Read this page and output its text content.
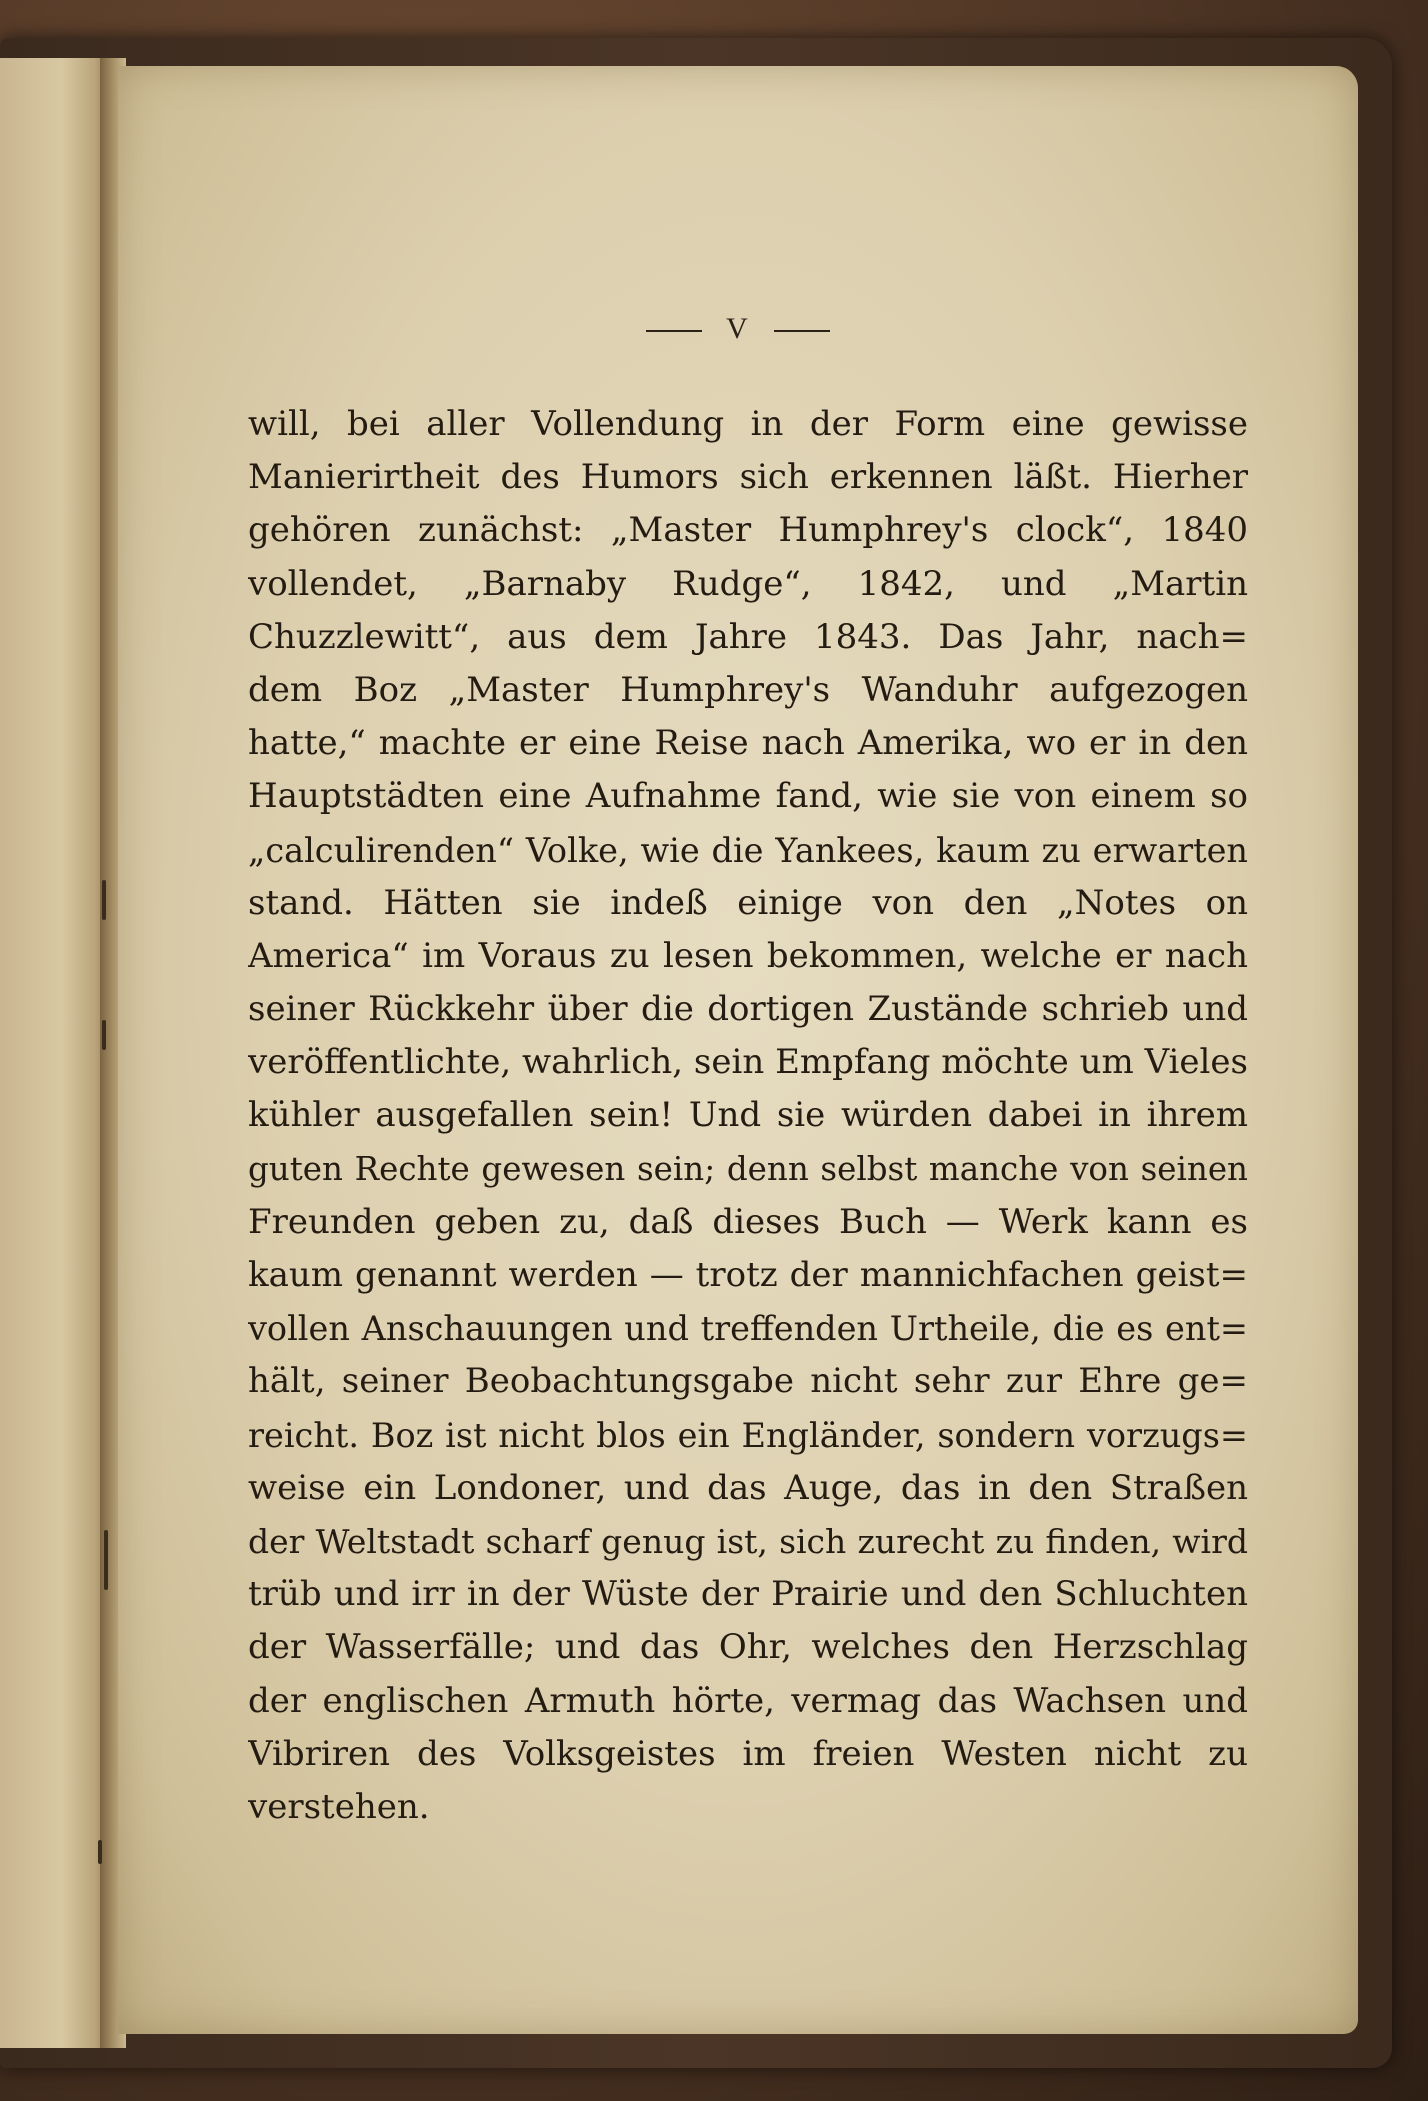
V
will, bei aller Vollendung in der Form eine gewisse
Manierirtheit des Humors sich erkennen läßt. Hierher
gehören zunächst: „Master Humphrey's clock“, 1840
vollendet, „Barnaby Rudge“, 1842, und „Martin
Chuzzlewitt“, aus dem Jahre 1843. Das Jahr, nach=
dem Boz „Master Humphrey's Wanduhr aufgezogen
hatte,“ machte er eine Reise nach Amerika, wo er in den
Hauptstädten eine Aufnahme fand, wie sie von einem so
„calculirenden“ Volke, wie die Yankees, kaum zu erwarten
stand. Hätten sie indeß einige von den „Notes on
America“ im Voraus zu lesen bekommen, welche er nach
seiner Rückkehr über die dortigen Zustände schrieb und
veröffentlichte, wahrlich, sein Empfang möchte um Vieles
kühler ausgefallen sein! Und sie würden dabei in ihrem
guten Rechte gewesen sein; denn selbst manche von seinen
Freunden geben zu, daß dieses Buch — Werk kann es
kaum genannt werden — trotz der mannichfachen geist=
vollen Anschauungen und treffenden Urtheile, die es ent=
hält, seiner Beobachtungsgabe nicht sehr zur Ehre ge=
reicht. Boz ist nicht blos ein Engländer, sondern vorzugs=
weise ein Londoner, und das Auge, das in den Straßen
der Weltstadt scharf genug ist, sich zurecht zu finden, wird
trüb und irr in der Wüste der Prairie und den Schluchten
der Wasserfälle; und das Ohr, welches den Herzschlag
der englischen Armuth hörte, vermag das Wachsen und
Vibriren des Volksgeistes im freien Westen nicht zu
verstehen.
